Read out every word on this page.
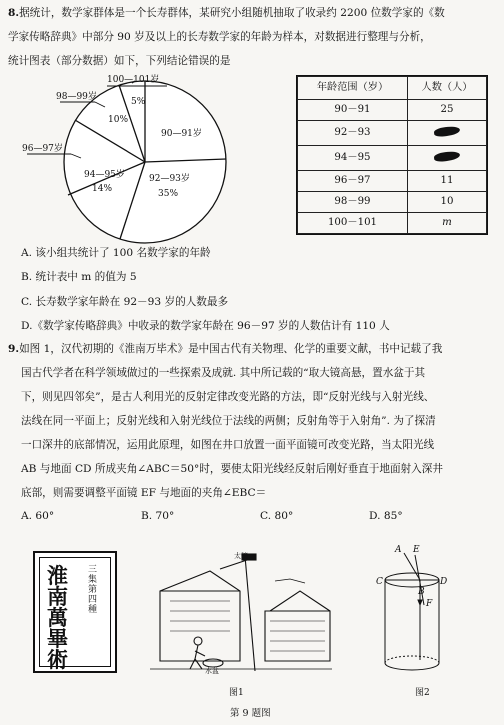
8.据统计，数学家群体是一个长寿群体，某研究小组随机抽取了收录约 2200 位数学家的《数
学家传略辞典》中部分 90 岁及以上的长寿数学家的年龄为样本，对数据进行整理与分析，
统计图表（部分数据）如下，下列结论错误的是
100—101岁
98—99岁
10%
5%
96—97岁
94—95岁
14%
90—91岁
92—93岁
35%
年龄范围（岁）	人数（人）
90－91	25
92－93	
94－95	
96－97	11
98－99	10
100－101	m
A. 该小组共统计了 100 名数学家的年龄
B. 统计表中 m 的值为 5
C. 长寿数学家年龄在 92－93 岁的人数最多
D.《数学家传略辞典》中收录的数学家年龄在 96－97 岁的人数估计有 110 人
9.如图 1，汉代初期的《淮南万毕术》是中国古代有关物理、化学的重要文献，书中记载了我
国古代学者在科学领域做过的一些探索及成就. 其中所记载的“取大镜高悬，置水盆于其
下，则见四邻矣”，是古人利用光的反射定律改变光路的方法，即“反射光线与入射光线、
法线在同一平面上；反射光线和入射光线位于法线的两侧；反射角等于入射角”. 为了探清
一口深井的底部情况，运用此原理，如图在井口放置一面平面镜可改变光路，当太阳光线
AB 与地面 CD 所成夹角∠ABC＝50°时，要使太阳光线经反射后刚好垂直于地面射入深井
底部，则需要调整平面镜 EF 与地面的夹角∠EBC＝
A. 60°	B. 70°	C. 80°	D. 85°
淮南萬畢術
三集第四種
太镜
水盆
A E
C
B
D
F
图1	图2
第 9 题图
